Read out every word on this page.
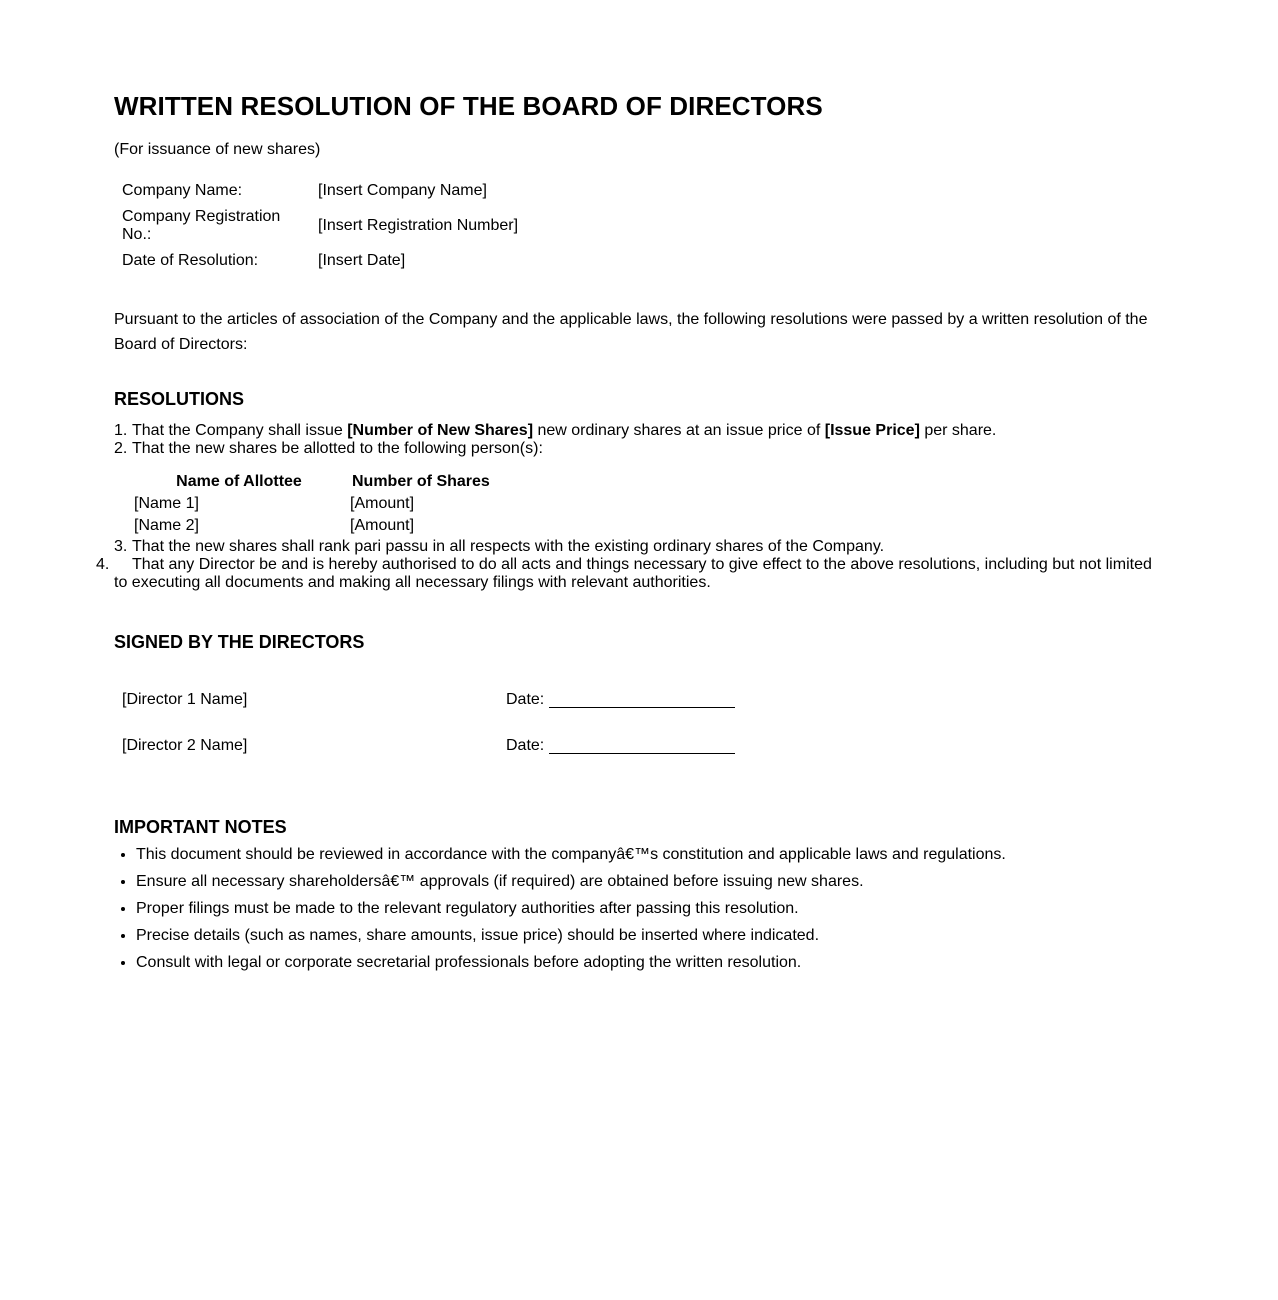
WRITTEN RESOLUTION OF THE BOARD OF DIRECTORS
(For issuance of new shares)
Company Name:	[Insert Company Name]
Company Registration No.:	[Insert Registration Number]
Date of Resolution:	[Insert Date]

Pursuant to the articles of association of the Company and the applicable laws, the following resolutions were passed by a written resolution of the Board of Directors:

RESOLUTIONS
1. That the Company shall issue [Number of New Shares] new ordinary shares at an issue price of [Issue Price] per share.
2. That the new shares be allotted to the following person(s):
Name of Allottee	Number of Shares
[Name 1]	[Amount]
[Name 2]	[Amount]
3. That the new shares shall rank pari passu in all respects with the existing ordinary shares of the Company.
4. That any Director be and is hereby authorised to do all acts and things necessary to give effect to the above resolutions, including but not limited
to executing all documents and making all necessary filings with relevant authorities.
SIGNED BY THE DIRECTORS
[Director 1 Name]	Date:
[Director 2 Name]	Date:
IMPORTANT NOTES
• This document should be reviewed in accordance with the companyâ€™s constitution and applicable laws and regulations.
• Ensure all necessary shareholdersâ€™ approvals (if required) are obtained before issuing new shares.
• Proper filings must be made to the relevant regulatory authorities after passing this resolution.
• Precise details (such as names, share amounts, issue price) should be inserted where indicated.
• Consult with legal or corporate secretarial professionals before adopting the written resolution.
